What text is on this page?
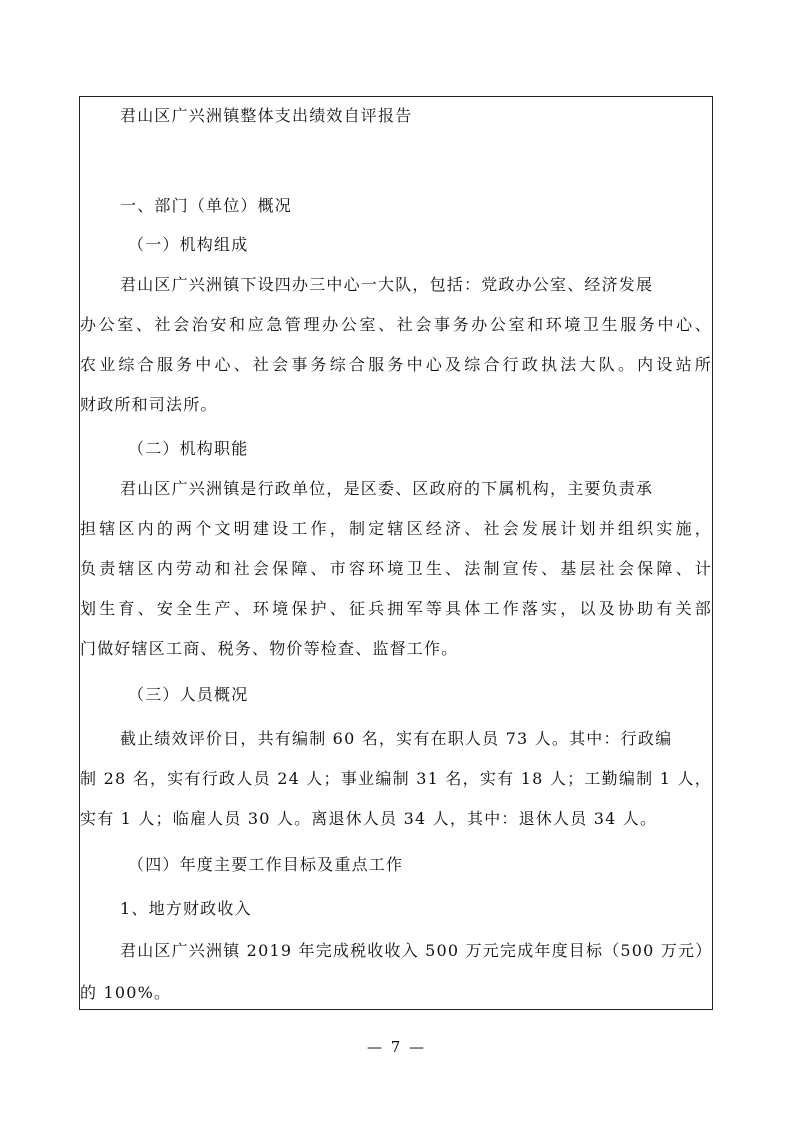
君山区广兴洲镇整体支出绩效自评报告
一、部门（单位）概况
（一）机构组成
君山区广兴洲镇下设四办三中心一大队，包括：党政办公室、经济发展
办公室、社会治安和应急管理办公室、社会事务办公室和环境卫生服务中心、
农业综合服务中心、社会事务综合服务中心及综合行政执法大队。内设站所
财政所和司法所。
（二）机构职能
君山区广兴洲镇是行政单位，是区委、区政府的下属机构，主要负责承
担辖区内的两个文明建设工作，制定辖区经济、社会发展计划并组织实施，
负责辖区内劳动和社会保障、市容环境卫生、法制宣传、基层社会保障、计
划生育、安全生产、环境保护、征兵拥军等具体工作落实，以及协助有关部
门做好辖区工商、税务、物价等检查、监督工作。
（三）人员概况
截止绩效评价日，共有编制 60 名，实有在职人员 73 人。其中：行政编
制 28 名，实有行政人员 24 人；事业编制 31 名，实有 18 人；工勤编制 1 人，
实有 1 人；临雇人员 30 人。离退休人员 34 人，其中：退休人员 34 人。
（四）年度主要工作目标及重点工作
1、地方财政收入
君山区广兴洲镇 2019 年完成税收收入 500 万元完成年度目标（500 万元）
的 100%。
— 7 —
